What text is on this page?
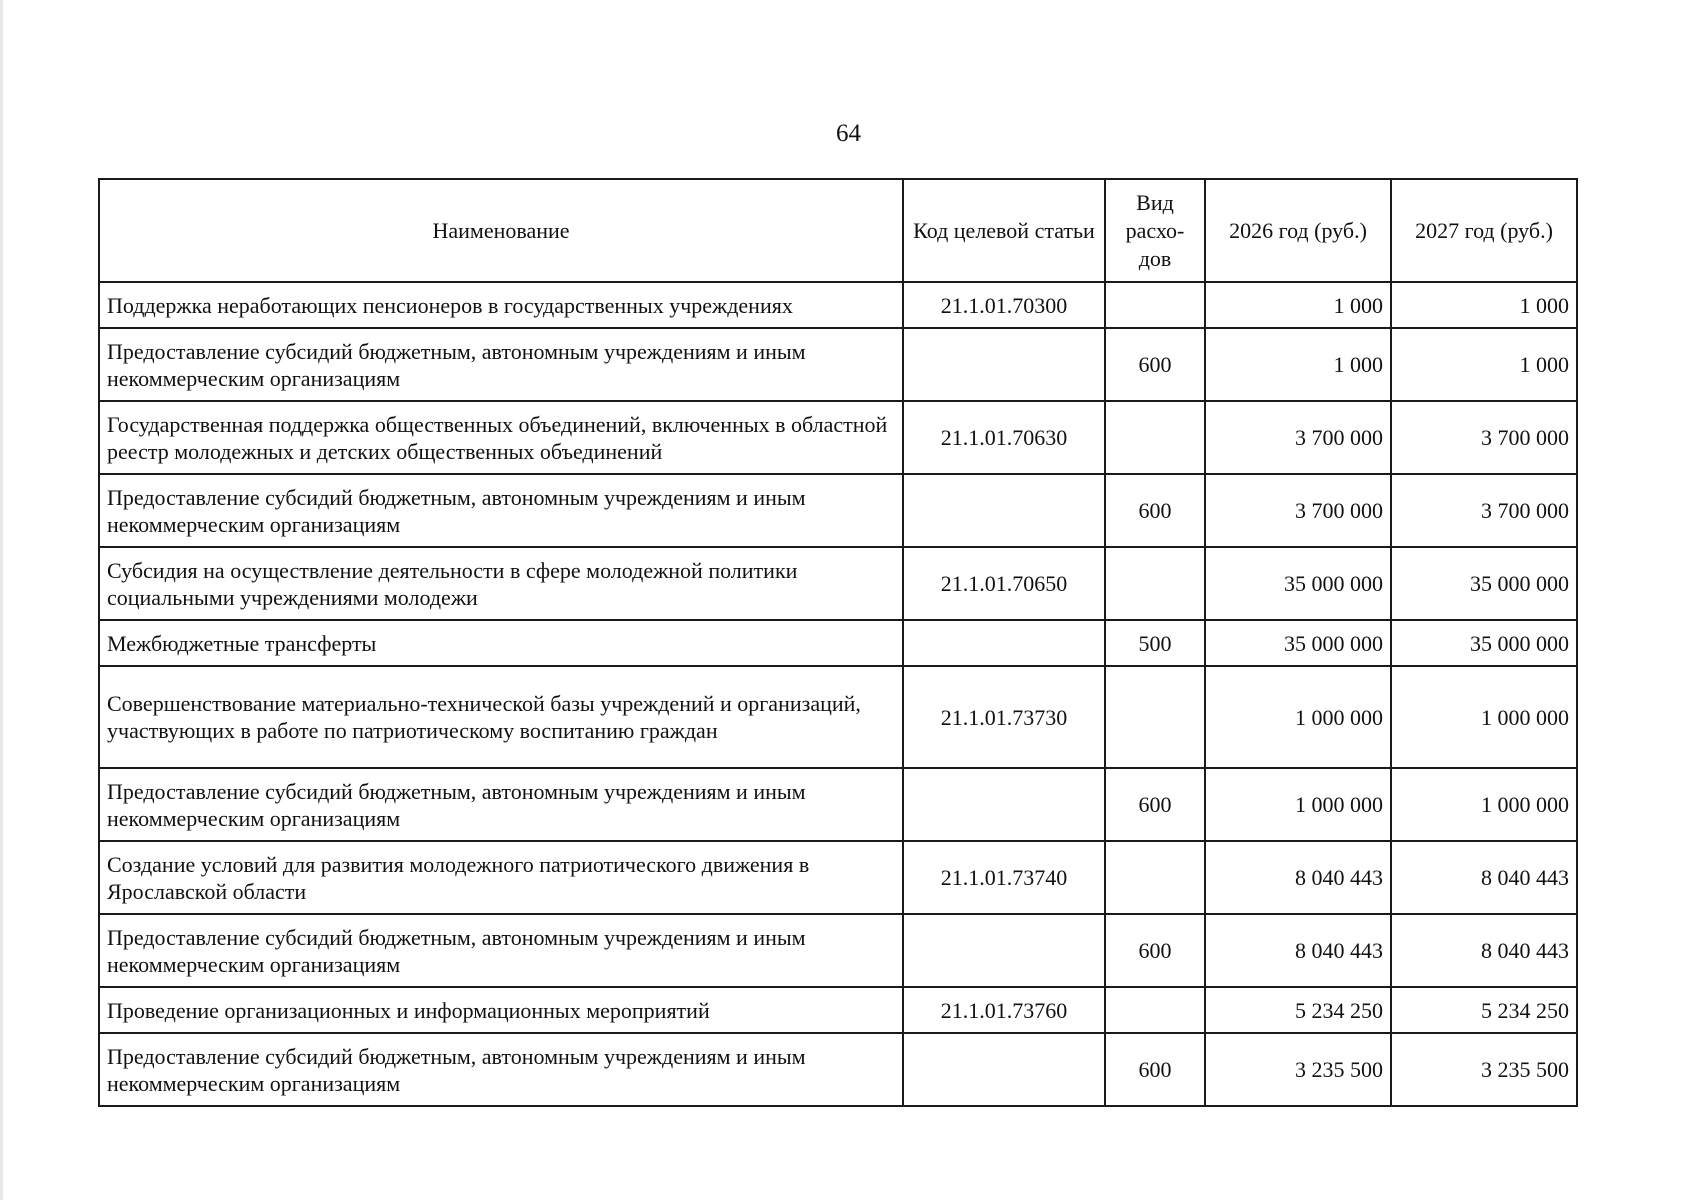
64
Наименование	Код целевой статьи	Вид расхо-дов	2026 год (руб.)	2027 год (руб.)
Поддержка неработающих пенсионеров в государственных учреждениях	21.1.01.70300		1 000	1 000
Предоставление субсидий бюджетным, автономным учреждениям и иным некоммерческим организациям		600	1 000	1 000
Государственная поддержка общественных объединений, включенных в областной реестр молодежных и детских общественных объединений	21.1.01.70630		3 700 000	3 700 000
Предоставление субсидий бюджетным, автономным учреждениям и иным некоммерческим организациям		600	3 700 000	3 700 000
Субсидия на осуществление деятельности в сфере молодежной политики социальными учреждениями молодежи	21.1.01.70650		35 000 000	35 000 000
Межбюджетные трансферты		500	35 000 000	35 000 000
Совершенствование материально-технической базы учреждений и организаций, участвующих в работе по патриотическому воспитанию граждан	21.1.01.73730		1 000 000	1 000 000
Предоставление субсидий бюджетным, автономным учреждениям и иным некоммерческим организациям		600	1 000 000	1 000 000
Создание условий для развития молодежного патриотического движения в Ярославской области	21.1.01.73740		8 040 443	8 040 443
Предоставление субсидий бюджетным, автономным учреждениям и иным некоммерческим организациям		600	8 040 443	8 040 443
Проведение организационных и информационных мероприятий	21.1.01.73760		5 234 250	5 234 250
Предоставление субсидий бюджетным, автономным учреждениям и иным некоммерческим организациям		600	3 235 500	3 235 500
